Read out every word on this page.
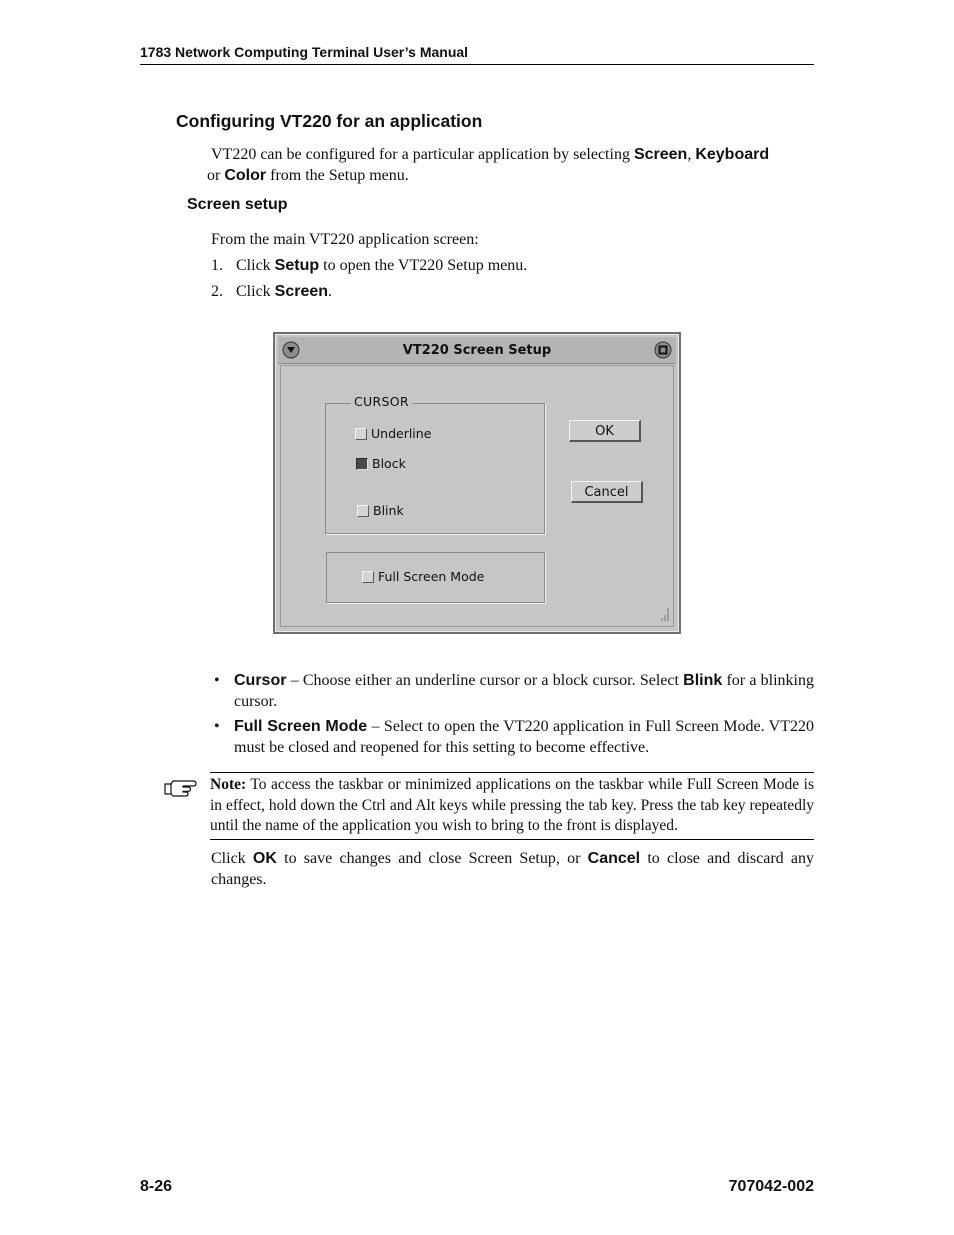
1783 Network Computing Terminal User’s Manual
Configuring VT220 for an application
VT220 can be configured for a particular application by selecting Screen, Keyboard
or Color from the Setup menu.
Screen setup
From the main VT220 application screen:
1. Click Setup to open the VT220 Setup menu.
2. Click Screen.
VT220 Screen Setup
CURSOR
Underline
Block
Blink
Full Screen Mode
OK
Cancel
• Cursor – Choose either an underline cursor or a block cursor. Select Blink for a blinking cursor.
• Full Screen Mode – Select to open the VT220 application in Full Screen Mode. VT220 must be closed and reopened for this setting to become effective.
Note: To access the taskbar or minimized applications on the taskbar while Full Screen Mode is in effect, hold down the Ctrl and Alt keys while pressing the tab key. Press the tab key repeatedly until the name of the application you wish to bring to the front is displayed.
Click OK to save changes and close Screen Setup, or Cancel to close and discard any changes.
8-26	707042-002
